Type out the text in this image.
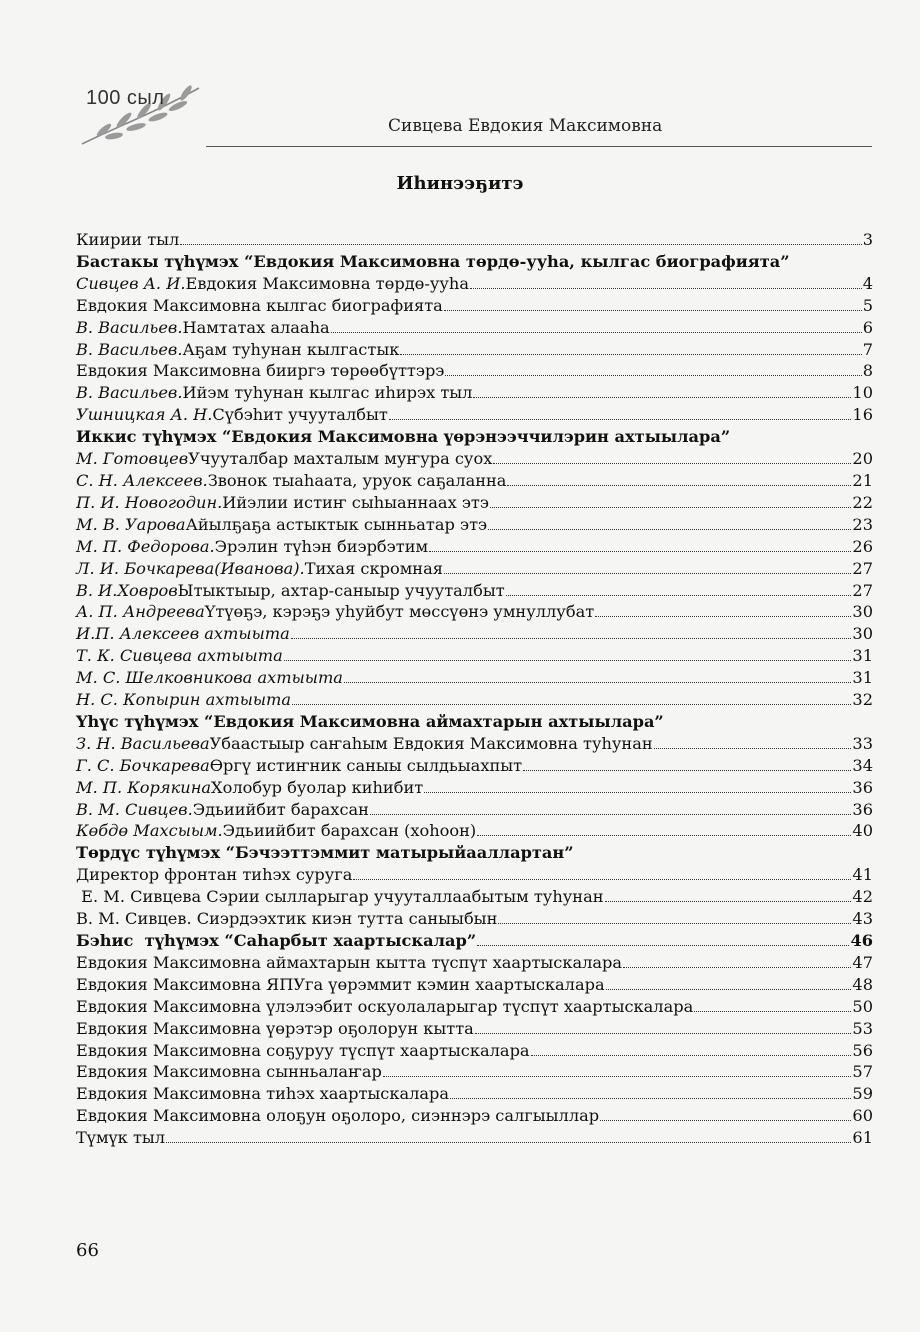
100 сыл
Сивцева Евдокия Максимовна
Иһинээҕитэ
Киирии тыл	3
Бастакы түһүмэх “Евдокия Максимовна төрдө-ууһа, кылгас биографията”
Сивцев А. И. Евдокия Максимовна төрдө-ууһа	4
Евдокия Максимовна кылгас биографията	5
В. Васильев. Намтатах алааһа	6
В. Васильев. Аҕам туһунан кылгастык	7
Евдокия Максимовна бииргэ төрөөбүттэрэ	8
В. Васильев. Ийэм туһунан кылгас иһирэх тыл	10
Ушницкая А. Н. Сүбэһит учууталбыт	16
Иккис түһүмэх “Евдокия Максимовна үөрэнээччилэрин ахтыылара”
М. Готовцев Учууталбар махталым муҥура суох	20
С. Н. Алексеев. Звонок тыаһаата, уруок саҕаланна	21
П. И. Новогодин. Ийэлии истиҥ сыһыаннаах этэ	22
М. В. Уарова Айылҕаҕа астыктык сынньатар этэ	23
М. П. Федорова. Эрэлин түһэн биэрбэтим	26
Л. И. Бочкарева(Иванова). Тихая скромная	27
В. И.Ховров Ытыктыыр, ахтар-саныыр учууталбыт	27
А. П. Андреева Үтүөҕэ, кэрэҕэ уһуйбут мөссүөнэ умнуллубат	30
И.П. Алексеев ахтыыта	30
Т. К. Сивцева ахтыыта	31
М. С. Шелковникова ахтыыта	31
Н. С. Копырин ахтыыта	32
Үһүс түһүмэх “Евдокия Максимовна аймахтарын ахтыылара”
З. Н. Васильева Убаастыыр саҥаһым Евдокия Максимовна туһунан	33
Г. С. Бочкарева Өргү истиҥник саныы сылдьыахпыт	34
М. П. Корякина Холобур буолар киһибит	36
В. М. Сивцев. Эдьиийбит барахсан	36
Көбдө Махсыым. Эдьиийбит барахсан (хоһоон)	40
Төрдүс түһүмэх “Бэчээттэммит матырыйааллартан”
Директор фронтан тиһэх суруга	41
Е. М. Сивцева Сэрии сылларыгар учууталлаабытым туһунан	42
В. М. Сивцев. Сиэрдээхтик киэн тутта саныыбын	43
Бэһис  түһүмэх “Саһарбыт хаартыскалар”	46
Евдокия Максимовна аймахтарын кытта түспүт хаартыскалара	47
Евдокия Максимовна ЯПУга үөрэммит кэмин хаартыскалара	48
Евдокия Максимовна үлэлээбит оскуолаларыгар түспүт хаартыскалара	50
Евдокия Максимовна үөрэтэр оҕолорун кытта	53
Евдокия Максимовна соҕуруу түспүт хаартыскалара	56
Евдокия Максимовна сынньалаҥар	57
Евдокия Максимовна тиһэх хаартыскалара	59
Евдокия Максимовна олоҕун оҕолоро, сиэннэрэ салгыыллар	60
Түмүк тыл	61
66
